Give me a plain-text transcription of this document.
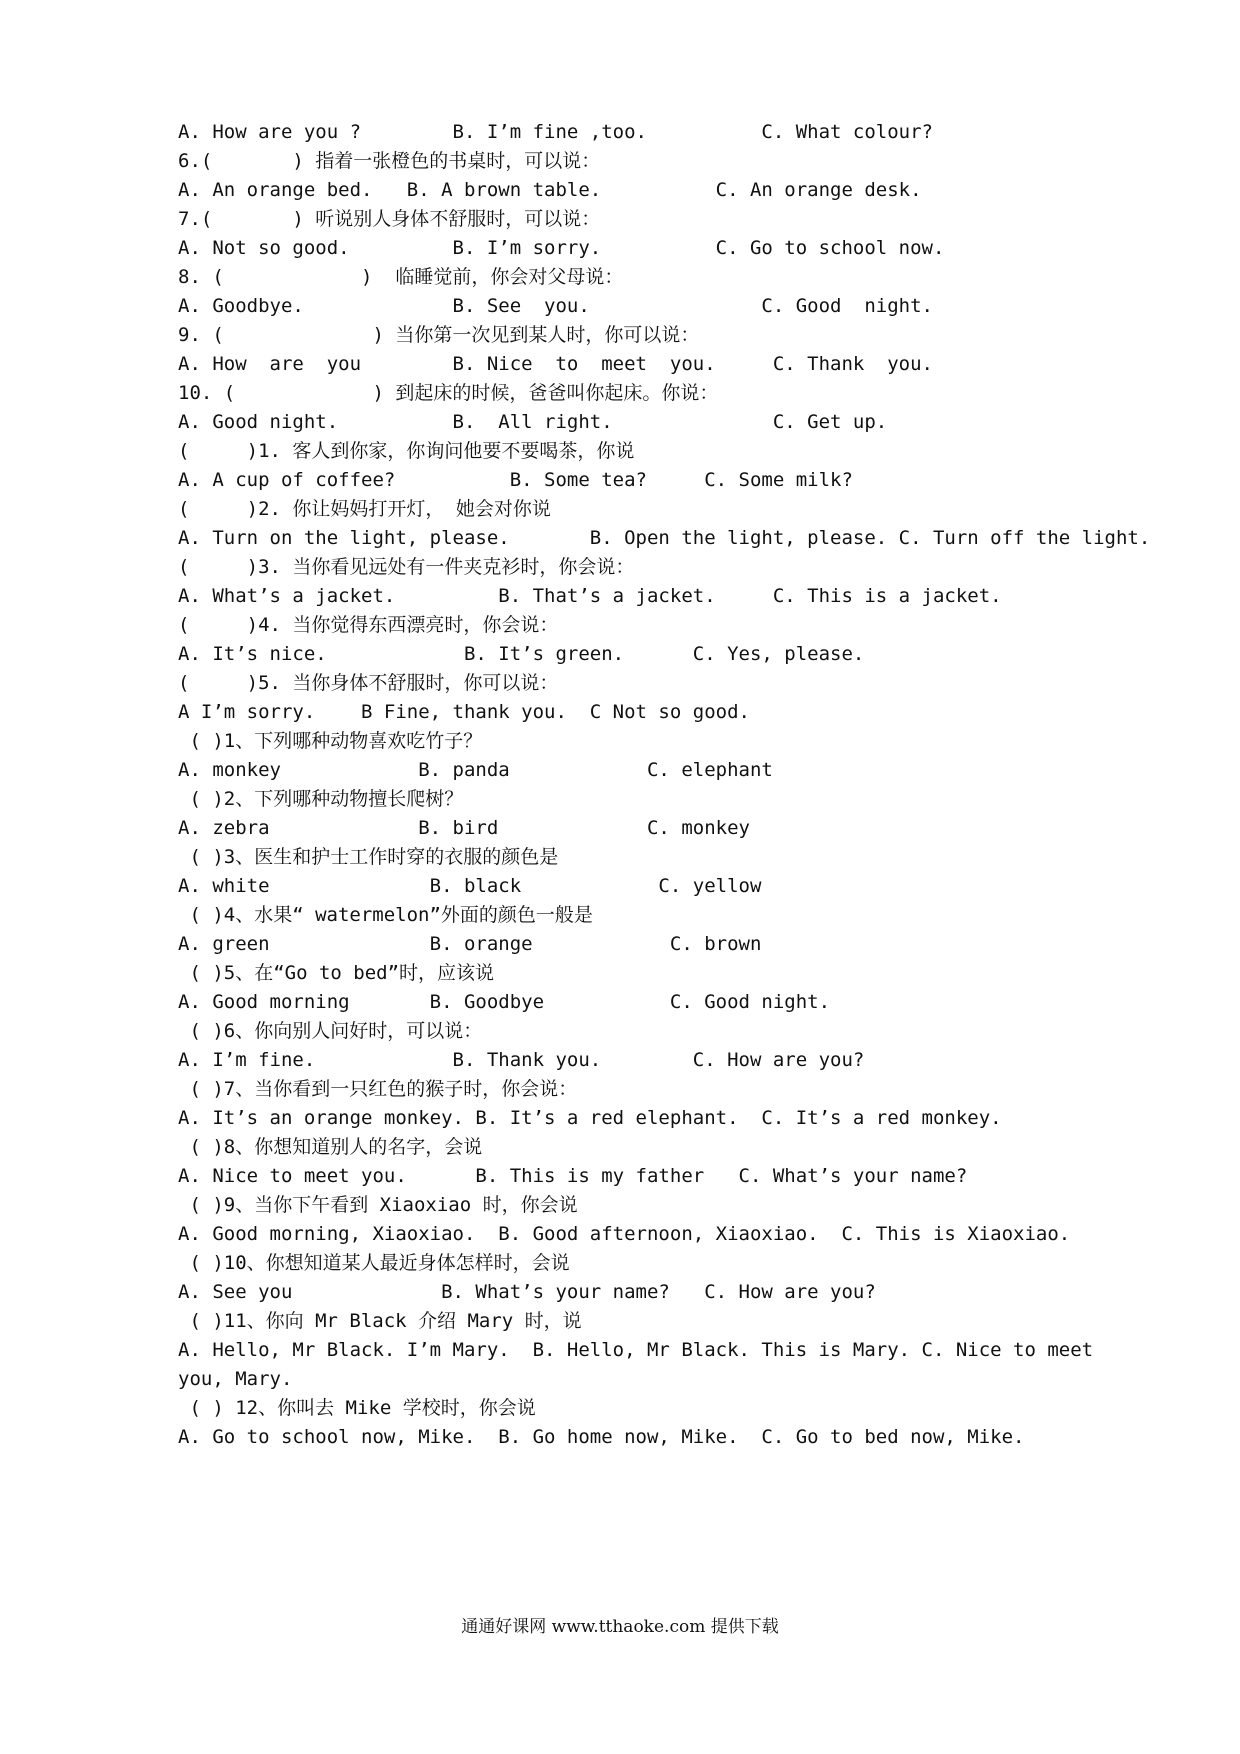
A. How are you ?        B. I’m fine ,too.          C. What colour?
6.(       ) 指着一张橙色的书桌时，可以说：
A. An orange bed.   B. A brown table.          C. An orange desk.
7.(       ) 听说别人身体不舒服时，可以说：
A. Not so good.         B. I’m sorry.          C. Go to school now.
8. (            )  临睡觉前，你会对父母说：
A. Goodbye.             B. See  you.               C. Good  night.
9. (             ) 当你第一次见到某人时，你可以说：
A. How  are  you        B. Nice  to  meet  you.     C. Thank  you.
10. (            ) 到起床的时候，爸爸叫你起床。你说：
A. Good night.          B.  All right.              C. Get up.
(     )1. 客人到你家，你询问他要不要喝茶，你说
A. A cup of coffee?          B. Some tea?     C. Some milk?
(     )2. 你让妈妈打开灯， 她会对你说
A. Turn on the light, please.       B. Open the light, please. C. Turn off the light.
(     )3. 当你看见远处有一件夹克衫时，你会说：
A. What’s a jacket.         B. That’s a jacket.     C. This is a jacket.
(     )4. 当你觉得东西漂亮时，你会说：
A. It’s nice.            B. It’s green.      C. Yes, please.
(     )5. 当你身体不舒服时，你可以说：
A I’m sorry.    B Fine, thank you.  C Not so good.
( )1、下列哪种动物喜欢吃竹子？
A. monkey            B. panda            C. elephant
( )2、下列哪种动物擅长爬树？
A. zebra             B. bird             C. monkey
( )3、医生和护士工作时穿的衣服的颜色是
A. white              B. black            C. yellow
( )4、水果“ watermelon”外面的颜色一般是
A. green              B. orange            C. brown
( )5、在“Go to bed”时，应该说
A. Good morning       B. Goodbye           C. Good night.
( )6、你向别人问好时，可以说：
A. I’m fine.            B. Thank you.        C. How are you?
( )7、当你看到一只红色的猴子时，你会说：
A. It’s an orange monkey. B. It’s a red elephant.  C. It’s a red monkey.
( )8、你想知道别人的名字，会说
A. Nice to meet you.      B. This is my father   C. What’s your name?
( )9、当你下午看到 Xiaoxiao 时，你会说
A. Good morning, Xiaoxiao.  B. Good afternoon, Xiaoxiao.  C. This is Xiaoxiao.
( )10、你想知道某人最近身体怎样时，会说
A. See you             B. What’s your name?   C. How are you?
( )11、你向 Mr Black 介绍 Mary 时，说
A. Hello, Mr Black. I’m Mary.  B. Hello, Mr Black. This is Mary. C. Nice to meet
you, Mary.
( ) 12、你叫去 Mike 学校时，你会说
A. Go to school now, Mike.  B. Go home now, Mike.  C. Go to bed now, Mike.
通通好课网 www.tthaoke.com 提供下载
